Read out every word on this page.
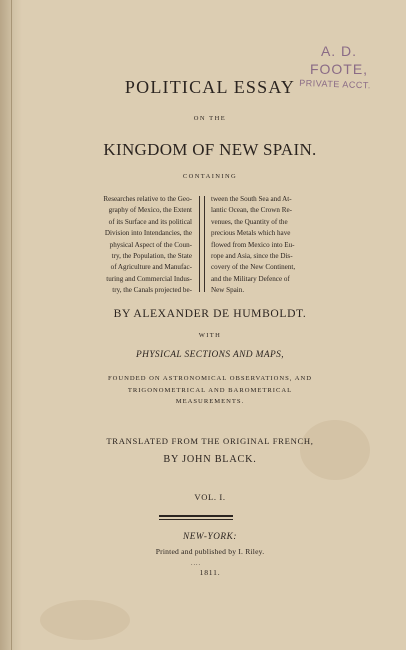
A. D. FOOTE,
PRIVATE ACCT.
POLITICAL ESSAY
ON THE
KINGDOM OF NEW SPAIN.
CONTAINING
Researches relative to the Geo-
graphy of Mexico, the Extent
of its Surface and its political
Division into Intendancies, the
physical Aspect of the Coun-
try, the Population, the State
of Agriculture and Manufac-
turing and Commercial Indus-
try, the Canals projected be-
tween the South Sea and At-
lantic Ocean, the Crown Re-
venues, the Quantity of the
precious Metals which have
flowed from Mexico into Eu-
rope and Asia, since the Dis-
covery of the New Continent,
and the Military Defence of
New Spain.
BY ALEXANDER DE HUMBOLDT.
WITH
PHYSICAL SECTIONS AND MAPS,
FOUNDED ON ASTRONOMICAL OBSERVATIONS, AND
TRIGONOMETRICAL AND BAROMETRICAL
MEASUREMENTS.
TRANSLATED FROM THE ORIGINAL FRENCH,
BY JOHN BLACK.
VOL. I.
NEW-YORK:
Printed and published by I. Riley.
....
1811.
